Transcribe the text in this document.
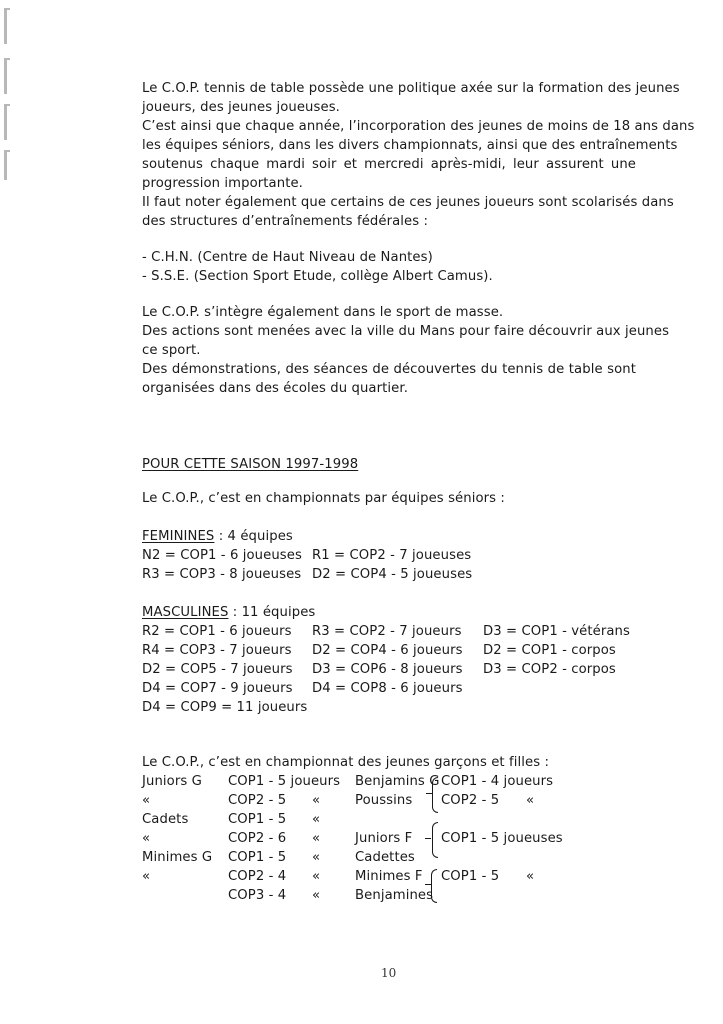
Le C.O.P. tennis de table possède une politique axée sur la formation des jeunes
joueurs, des jeunes joueuses.
C’est ainsi que chaque année, l’incorporation des jeunes de moins de 18 ans dans
les équipes séniors, dans les divers championnats, ainsi que des entraînements
soutenus chaque mardi soir et mercredi après-midi, leur assurent une
progression importante.
Il faut noter également que certains de ces jeunes joueurs sont scolarisés dans
des structures d’entraînements fédérales :
- C.H.N. (Centre de Haut Niveau de Nantes)
- S.S.E. (Section Sport Etude, collège Albert Camus).
Le C.O.P. s’intègre également dans le sport de masse.
Des actions sont menées avec la ville du Mans pour faire découvrir aux jeunes
ce sport.
Des démonstrations, des séances de découvertes du tennis de table sont
organisées dans des écoles du quartier.
POUR CETTE SAISON 1997-1998
Le C.O.P., c’est en championnats par équipes séniors :
FEMININES : 4 équipes
N2 = COP1 - 6 joueuses
R3 = COP3 - 8 joueuses
R1 = COP2 - 7 joueuses
D2 = COP4 - 5 joueuses
MASCULINES : 11 équipes
R2 = COP1 - 6 joueurs
R4 = COP3 - 7 joueurs
D2 = COP5 - 7 joueurs
D4 = COP7 - 9 joueurs
D4 = COP9 = 11 joueurs
R3 = COP2 - 7 joueurs
D2 = COP4 - 6 joueurs
D3 = COP6 - 8 joueurs
D4 = COP8 - 6 joueurs
D3 = COP1 - vétérans
D2 = COP1 - corpos
D3 = COP2 - corpos
Le C.O.P., c’est en championnat des jeunes garçons et filles :
Juniors G
«
Cadets
«
Minimes G
«
COP1 - 5 joueurs
COP2 - 5
COP1 - 5
COP2 - 6
COP1 - 5
COP2 - 4
COP3 - 4
«
«
«
«
«
«
Benjamins G
Poussins
Juniors F
Cadettes
Minimes F
Benjamines
COP1 - 4 joueurs
COP2 - 5
COP1 - 5 joueuses
COP1 - 5
«
«
10
